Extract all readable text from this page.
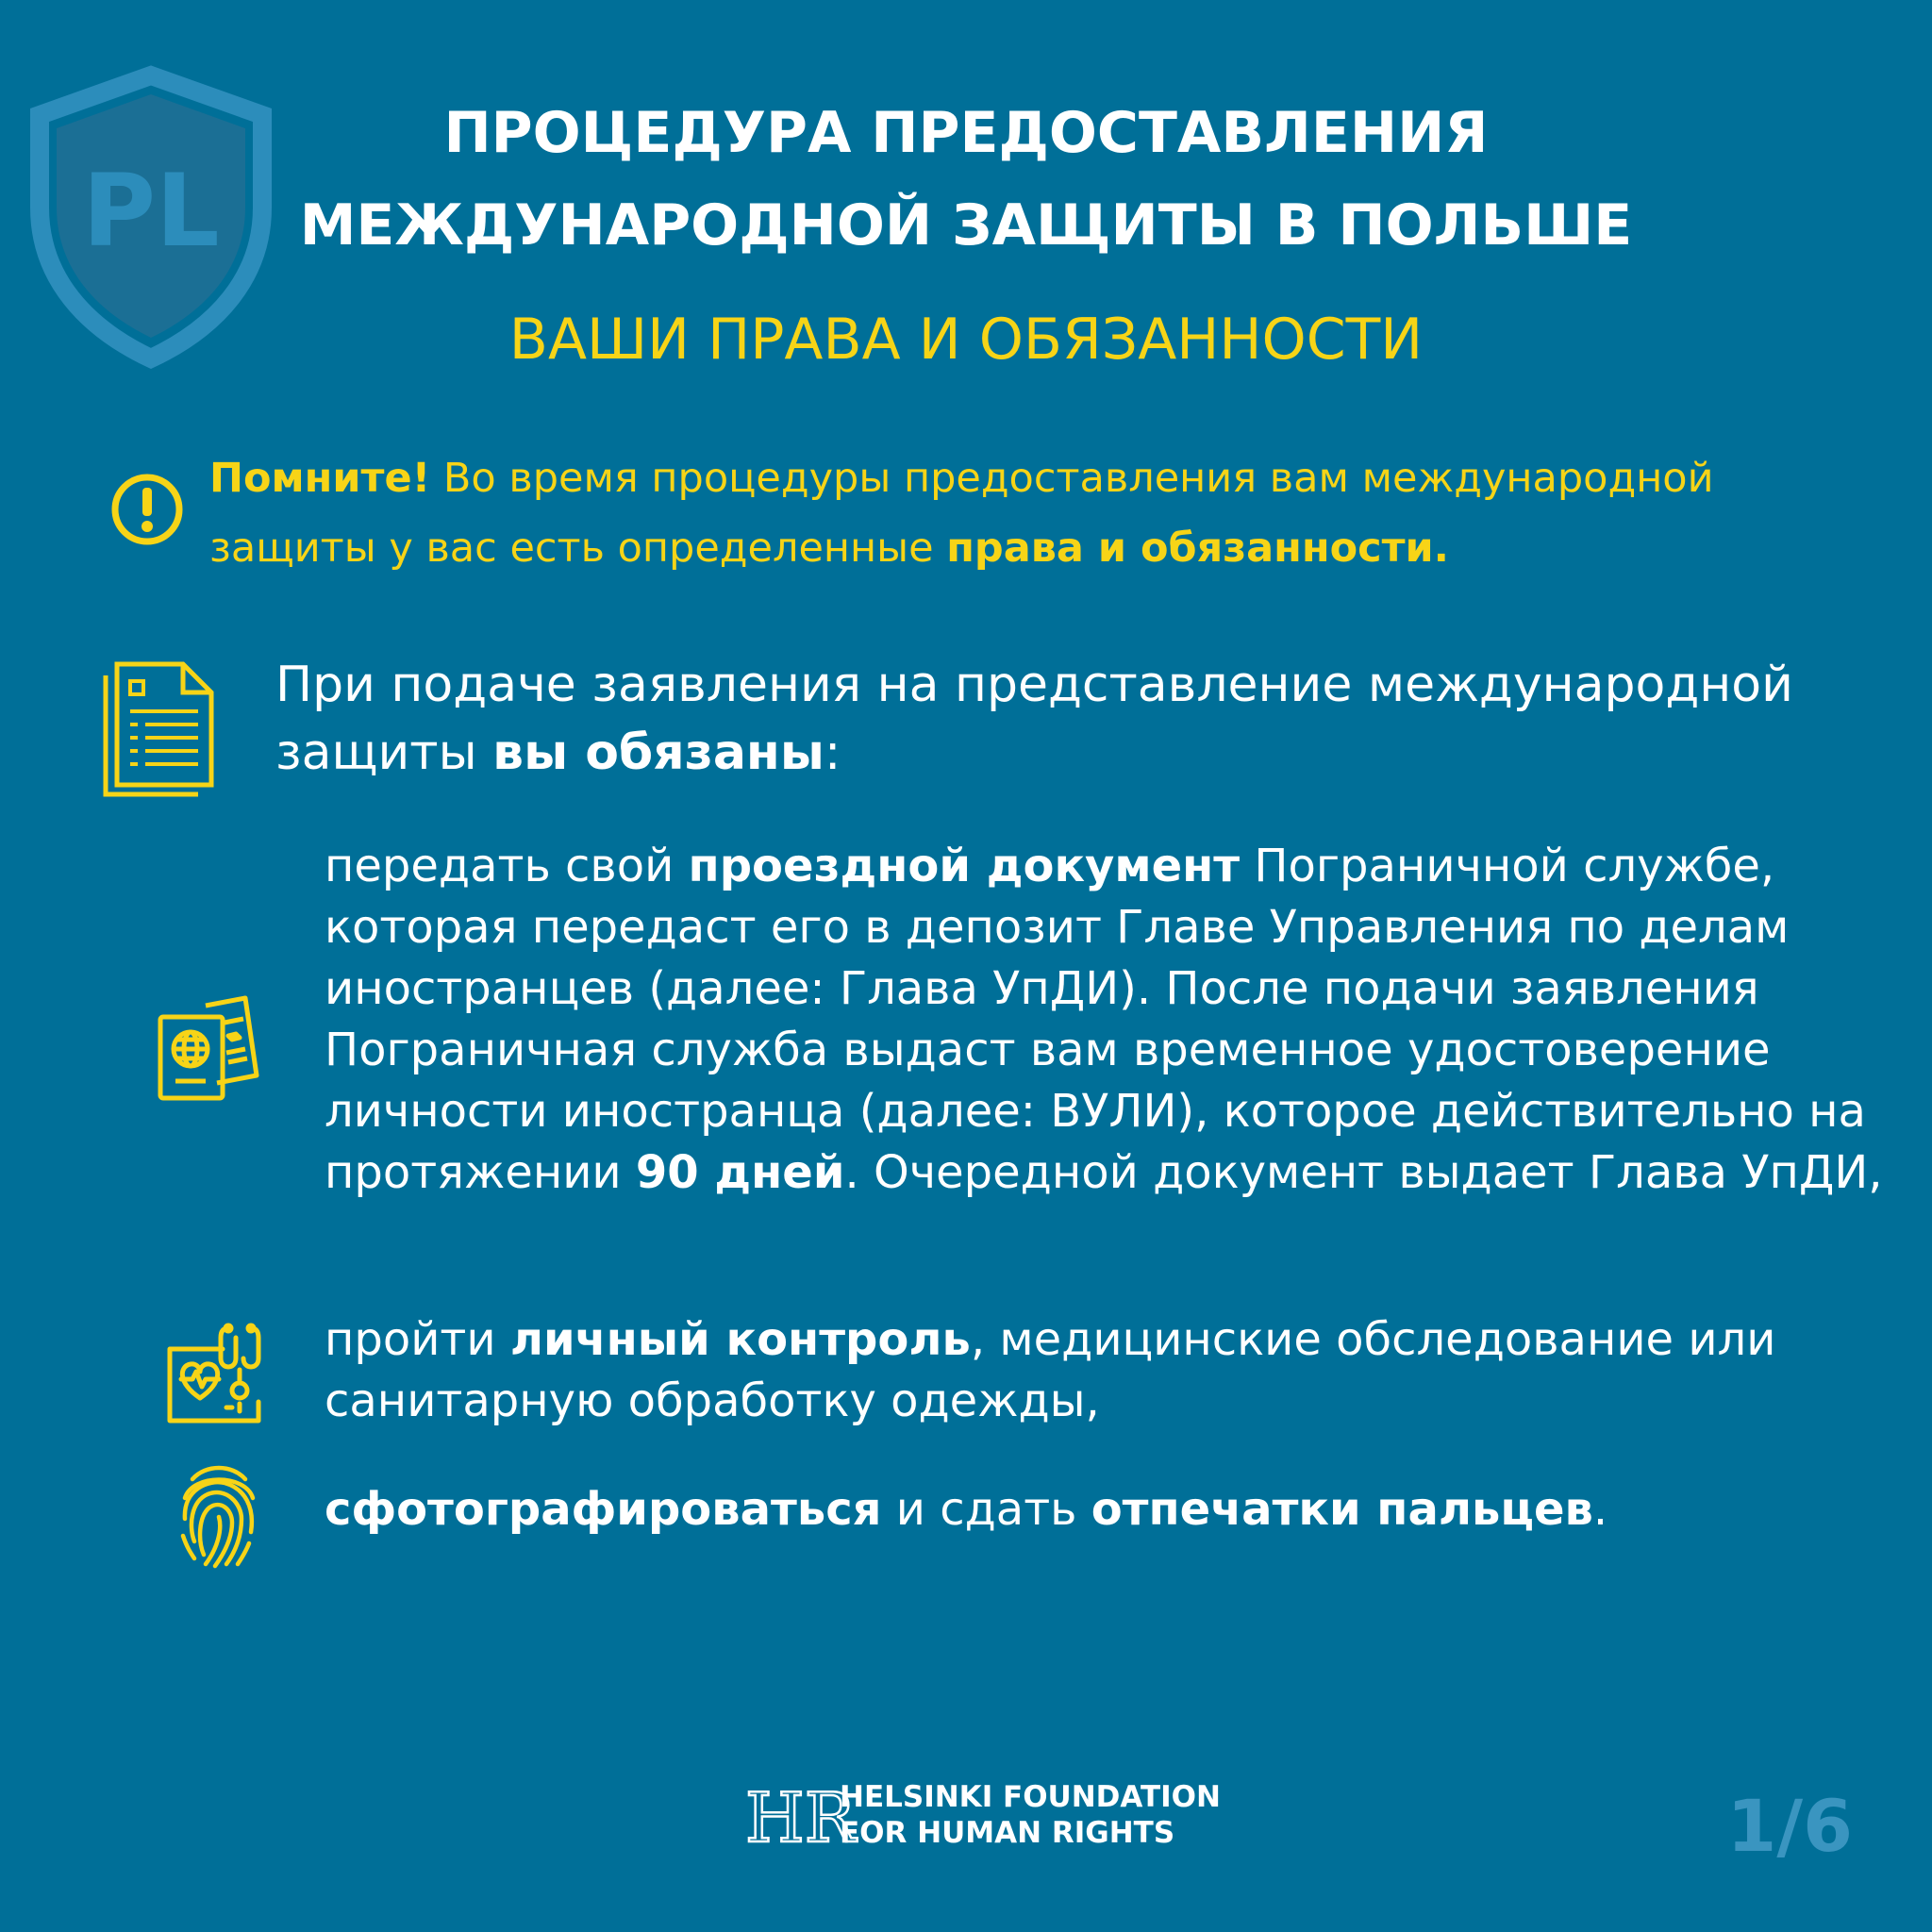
PL
ПРОЦЕДУРА ПРЕДОСТАВЛЕНИЯ
МЕЖДУНАРОДНОЙ ЗАЩИТЫ В ПОЛЬШЕ
ВАШИ ПРАВА И ОБЯЗАННОСТИ
Помните! Во время процедуры предоставления вам международной защиты у вас есть определенные права и обязанности.
При подаче заявления на представление международной защиты вы обязаны:
передать свой проездной документ Пограничной службе, которая передаст его в депозит Главе Управления по делам иностранцев (далее: Глава УпДИ). После подачи заявления Пограничная служба выдаст вам временное удостоверение личности иностранца (далее: ВУЛИ), которое действительно на протяжении 90 дней. Очередной документ выдает Глава УпДИ,
пройти личный контроль, медицинские обследование или санитарную обработку одежды,
сфотографироваться и сдать отпечатки пальцев.
HR
HELSINKI FOUNDATION
FOR HUMAN RIGHTS	1/6
